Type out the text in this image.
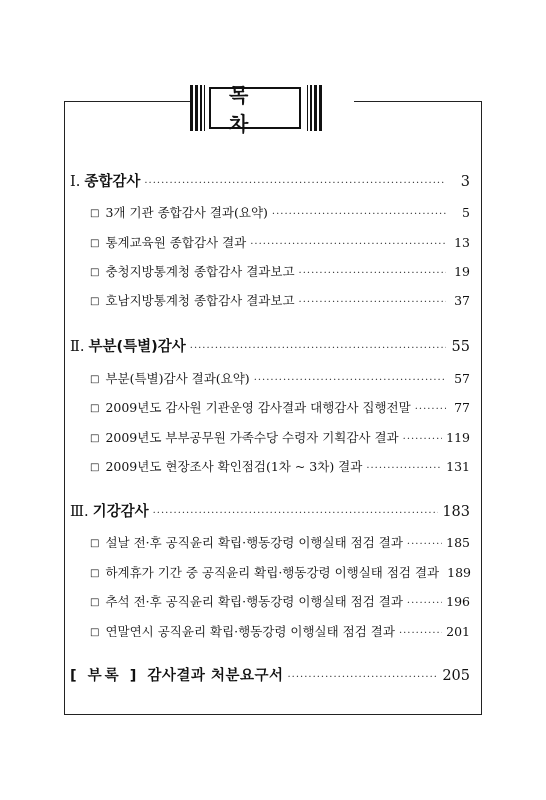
목 차
Ⅰ. 종합감사 ·····	3
□ 3개 기관 종합감사 결과(요약) ·····	5
□ 통계교육원 종합감사 결과 ·····	13
□ 충청지방통계청 종합감사 결과보고 ·····	19
□ 호남지방통계청 종합감사 결과보고 ·····	37
Ⅱ. 부분(특별)감사 ·····	55
□ 부분(특별)감사 결과(요약) ·····	57
□ 2009년도 감사원 기관운영 감사결과 대행감사 집행전말 ·····	77
□ 2009년도 부부공무원 가족수당 수령자 기획감사 결과 ·····	119
□ 2009년도 현장조사 확인점검(1차 ~ 3차) 결과 ·····	131
Ⅲ. 기강감사 ·····	183
□ 설날 전·후 공직윤리 확립·행동강령 이행실태 점검 결과 ·····	185
□ 하계휴가 기간 중 공직윤리 확립·행동강령 이행실태 점검 결과 189
□ 추석 전·후 공직윤리 확립·행동강령 이행실태 점검 결과 ·····	196
□ 연말연시 공직윤리 확립·행동강령 이행실태 점검 결과 ·····	201
[ 부록 ] 감사결과 처분요구서 ·····	205
